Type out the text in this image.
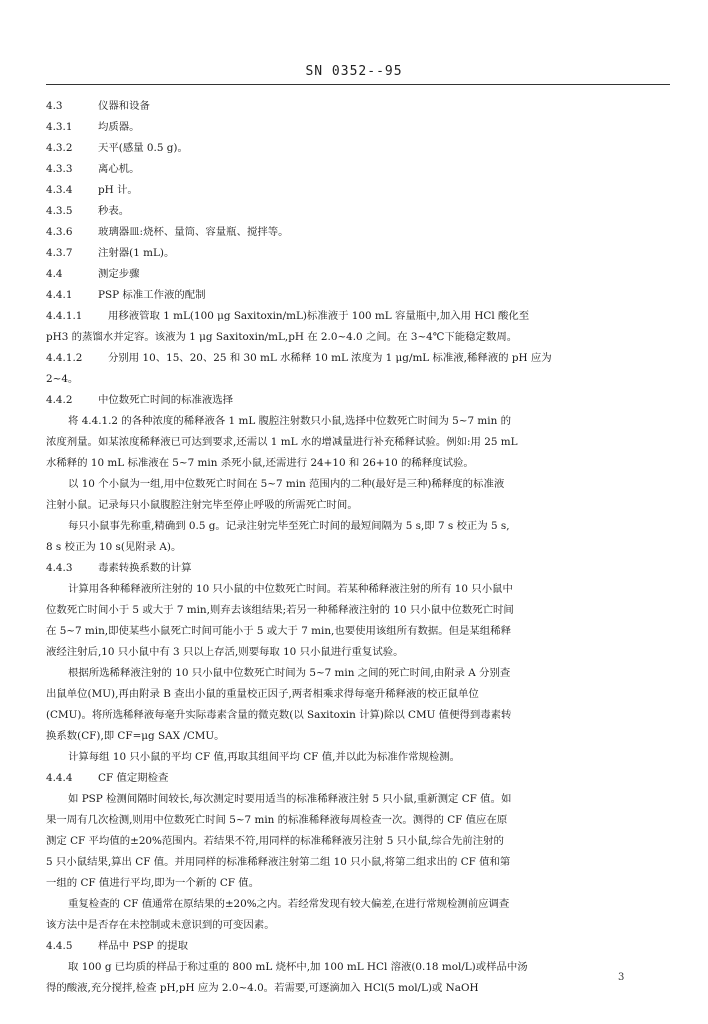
SN 0352--95
4.3	仪器和设备
4.3.1 均质器。
4.3.2 天平(感量 0.5 g)。
4.3.3 离心机。
4.3.4 pH 计。
4.3.5 秒表。
4.3.6 玻璃器皿:烧杯、量筒、容量瓶、搅拌等。
4.3.7 注射器(1 mL)。
4.4	测定步骤
4.4.1 PSP 标准工作液的配制
4.4.1.1 用移液管取 1 mL(100 μg Saxitoxin/mL)标准液于 100 mL 容量瓶中,加入用 HCl 酸化至
pH3 的蒸馏水并定容。该液为 1 μg Saxitoxin/mL,pH 在 2.0~4.0 之间。在 3~4℃下能稳定数周。
4.4.1.2 分别用 10、15、20、25 和 30 mL 水稀释 10 mL 浓度为 1 μg/mL 标准液,稀释液的 pH 应为
2~4。
4.4.2 中位数死亡时间的标准液选择
将 4.4.1.2 的各种浓度的稀释液各 1 mL 腹腔注射数只小鼠,选择中位数死亡时间为 5~7 min 的
浓度剂量。如某浓度稀释液已可达到要求,还需以 1 mL 水的增减量进行补充稀释试验。例如:用 25 mL
水稀释的 10 mL 标准液在 5~7 min 杀死小鼠,还需进行 24+10 和 26+10 的稀释度试验。
以 10 个小鼠为一组,用中位数死亡时间在 5~7 min 范围内的二种(最好是三种)稀释度的标准液
注射小鼠。记录每只小鼠腹腔注射完毕至停止呼吸的所需死亡时间。
每只小鼠事先称重,精确到 0.5 g。记录注射完毕至死亡时间的最短间隔为 5 s,即 7 s 校正为 5 s,
8 s 校正为 10 s(见附录 A)。
4.4.3 毒素转换系数的计算
计算用各种稀释液所注射的 10 只小鼠的中位数死亡时间。若某种稀释液注射的所有 10 只小鼠中
位数死亡时间小于 5 或大于 7 min,则弃去该组结果;若另一种稀释液注射的 10 只小鼠中位数死亡时间
在 5~7 min,即使某些小鼠死亡时间可能小于 5 或大于 7 min,也要使用该组所有数据。但是某组稀释
液经注射后,10 只小鼠中有 3 只以上存活,则要每取 10 只小鼠进行重复试验。
根据所选稀释液注射的 10 只小鼠中位数死亡时间为 5~7 min 之间的死亡时间,由附录 A 分别查
出鼠单位(MU),再由附录 B 查出小鼠的重量校正因子,两者相乘求得每毫升稀释液的校正鼠单位
(CMU)。将所选稀释液每毫升实际毒素含量的微克数(以 Saxitoxin 计算)除以 CMU 值便得到毒素转
换系数(CF),即 CF=μg SAX /CMU。
计算每组 10 只小鼠的平均 CF 值,再取其组间平均 CF 值,并以此为标准作常规检测。
4.4.4 CF 值定期检查
如 PSP 检测间隔时间较长,每次测定时要用适当的标准稀释液注射 5 只小鼠,重新测定 CF 值。如
果一周有几次检测,则用中位数死亡时间 5~7 min 的标准稀释液每周检查一次。测得的 CF 值应在原
测定 CF 平均值的±20%范围内。若结果不符,用同样的标准稀释液另注射 5 只小鼠,综合先前注射的
5 只小鼠结果,算出 CF 值。并用同样的标准稀释液注射第二组 10 只小鼠,将第二组求出的 CF 值和第
一组的 CF 值进行平均,即为一个新的 CF 值。
重复检查的 CF 值通常在原结果的±20%之内。若经常发现有较大偏差,在进行常规检测前应调查
该方法中是否存在未控制或未意识到的可变因素。
4.4.5 样品中 PSP 的提取
取 100 g 已均质的样品于称过重的 800 mL 烧杯中,加 100 mL HCl 溶液(0.18 mol/L)或样品中汤
得的酸液,充分搅拌,检查 pH,pH 应为 2.0~4.0。若需要,可逐滴加入 HCl(5 mol/L)或 NaOH
3
